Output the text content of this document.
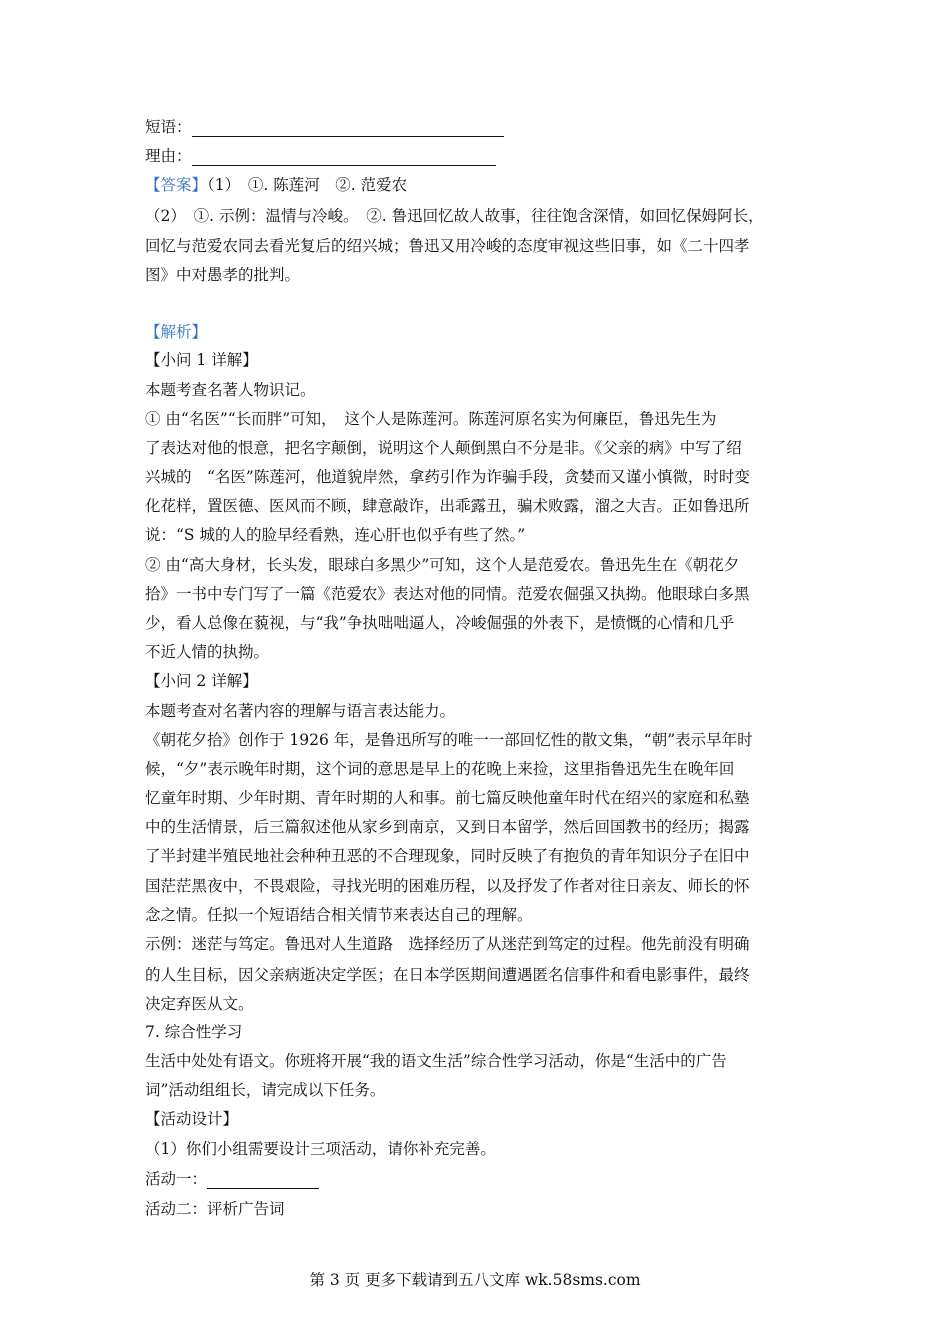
短语：
理由：
【答案】（1）　①. 陈莲河　②. 范爱农
（2）　①. 示例：温情与冷峻。　②. 鲁迅回忆故人故事，往往饱含深情，如回忆保姆阿长，
回忆与范爱农同去看光复后的绍兴城；鲁迅又用冷峻的态度审视这些旧事，如《二十四孝
图》中对愚孝的批判。
【解析】
【小问 1 详解】
本题考查名著人物识记。
① 由“名医”“长而胖”可知，　这个人是陈莲河。陈莲河原名实为何廉臣，鲁迅先生为
了表达对他的恨意，把名字颠倒，说明这个人颠倒黑白不分是非。《父亲的病》中写了绍
兴城的　“名医”陈莲河，他道貌岸然，拿药引作为诈骗手段，贪婪而又谨小慎微，时时变
化花样，置医德、医风而不顾，肆意敲诈，出乖露丑，骗术败露，溜之大吉。正如鲁迅所
说：“S 城的人的脸早经看熟，连心肝也似乎有些了然。”
② 由“高大身材，长头发，眼球白多黑少”可知，这个人是范爱农。鲁迅先生在《朝花夕
拾》一书中专门写了一篇《范爱农》表达对他的同情。范爱农倔强又执拗。他眼球白多黑
少，看人总像在藐视，与“我”争执咄咄逼人，冷峻倔强的外表下，是愤慨的心情和几乎
不近人情的执拗。
【小问 2 详解】
本题考查对名著内容的理解与语言表达能力。
《朝花夕拾》创作于 1926 年，是鲁迅所写的唯一一部回忆性的散文集，“朝”表示早年时
候，“夕”表示晚年时期，这个词的意思是早上的花晚上来捡，这里指鲁迅先生在晚年回
忆童年时期、少年时期、青年时期的人和事。前七篇反映他童年时代在绍兴的家庭和私塾
中的生活情景，后三篇叙述他从家乡到南京，又到日本留学，然后回国教书的经历；揭露
了半封建半殖民地社会种种丑恶的不合理现象，同时反映了有抱负的青年知识分子在旧中
国茫茫黑夜中，不畏艰险，寻找光明的困难历程，以及抒发了作者对往日亲友、师长的怀
念之情。任拟一个短语结合相关情节来表达自己的理解。
示例：迷茫与笃定。鲁迅对人生道路　选择经历了从迷茫到笃定的过程。他先前没有明确
的人生目标，因父亲病逝决定学医；在日本学医期间遭遇匿名信事件和看电影事件，最终
决定弃医从文。
7. 综合性学习
生活中处处有语文。你班将开展“我的语文生活”综合性学习活动，你是“生活中的广告
词”活动组组长，请完成以下任务。
【活动设计】
（1）你们小组需要设计三项活动，请你补充完善。
活动一：
活动二：评析广告词
第 3 页 更多下载请到五八文库 wk.58sms.com
